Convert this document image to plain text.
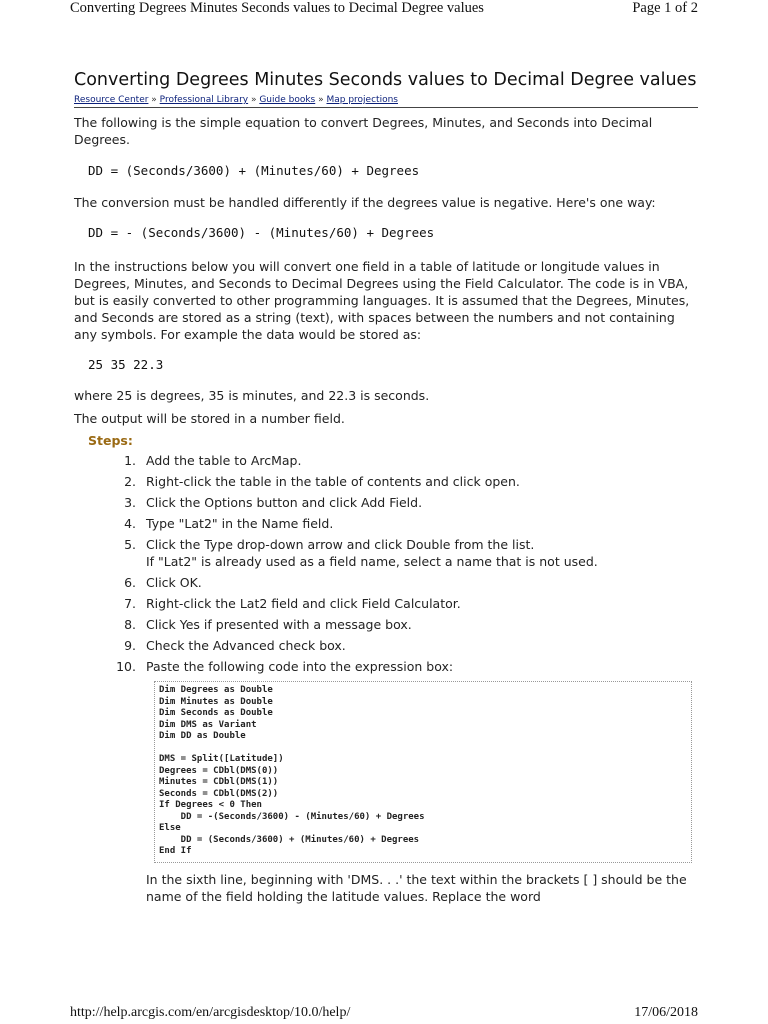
Converting Degrees Minutes Seconds values to Decimal Degree values	Page 1 of 2
Converting Degrees Minutes Seconds values to Decimal Degree values
Resource Center » Professional Library » Guide books » Map projections

The following is the simple equation to convert Degrees, Minutes, and Seconds into Decimal Degrees.

DD = (Seconds/3600) + (Minutes/60) + Degrees

The conversion must be handled differently if the degrees value is negative. Here's one way:

DD = - (Seconds/3600) - (Minutes/60) + Degrees

In the instructions below you will convert one field in a table of latitude or longitude values in Degrees, Minutes, and Seconds to Decimal Degrees using the Field Calculator. The code is in VBA, but is easily converted to other programming languages. It is assumed that the Degrees, Minutes, and Seconds are stored as a string (text), with spaces between the numbers and not containing any symbols. For example the data would be stored as:

25 35 22.3

where 25 is degrees, 35 is minutes, and 22.3 is seconds.

The output will be stored in a number field.

Steps:
1. Add the table to ArcMap.
2. Right-click the table in the table of contents and click open.
3. Click the Options button and click Add Field.
4. Type "Lat2" in the Name field.
5. Click the Type drop-down arrow and click Double from the list.
If "Lat2" is already used as a field name, select a name that is not used.
6. Click OK.
7. Right-click the Lat2 field and click Field Calculator.
8. Click Yes if presented with a message box.
9. Check the Advanced check box.
10. Paste the following code into the expression box:
Dim Degrees as Double
Dim Minutes as Double
Dim Seconds as Double
Dim DMS as Variant
Dim DD as Double
DMS = Split([Latitude])
Degrees = CDbl(DMS(0))
Minutes = CDbl(DMS(1))
Seconds = CDbl(DMS(2))
If Degrees < 0 Then
DD = -(Seconds/3600) - (Minutes/60) + Degrees
Else
DD = (Seconds/3600) + (Minutes/60) + Degrees
End If

In the sixth line, beginning with 'DMS. . .' the text within the brackets [ ] should be the name of the field holding the latitude values. Replace the word

http://help.arcgis.com/en/arcgisdesktop/10.0/help/	17/06/2018
